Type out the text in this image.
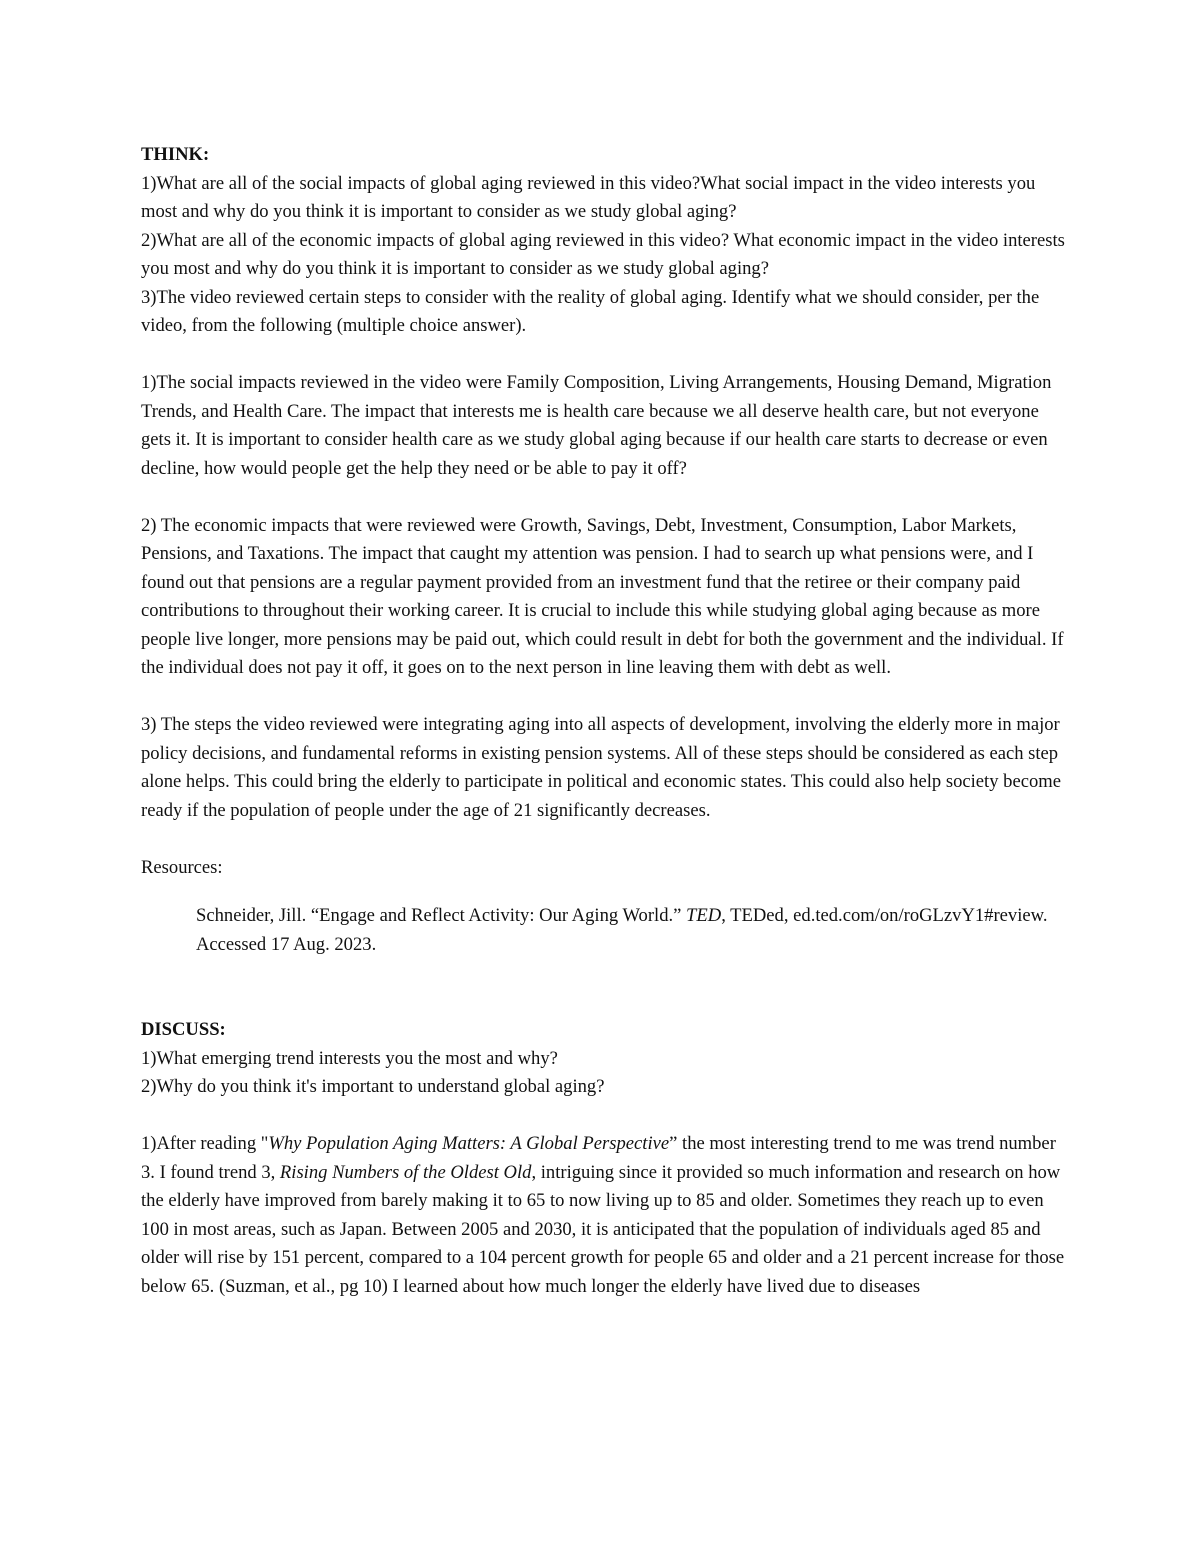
THINK:

1)What are all of the social impacts of global aging reviewed in this video?What social impact in the video interests you most and why do you think it is important to consider as we study global aging?

2)What are all of the economic impacts of global aging reviewed in this video? What economic impact in the video interests you most and why do you think it is important to consider as we study global aging?

3)The video reviewed certain steps to consider with the reality of global aging. Identify what we should consider, per the video, from the following (multiple choice answer).

1)The social impacts reviewed in the video were Family Composition, Living Arrangements, Housing Demand, Migration Trends, and Health Care. The impact that interests me is health care because we all deserve health care, but not everyone gets it. It is important to consider health care as we study global aging because if our health care starts to decrease or even decline, how would people get the help they need or be able to pay it off?

2) The economic impacts that were reviewed were Growth, Savings, Debt, Investment, Consumption, Labor Markets, Pensions, and Taxations. The impact that caught my attention was pension. I had to search up what pensions were, and I found out that pensions are a regular payment provided from an investment fund that the retiree or their company paid contributions to throughout their working career. It is crucial to include this while studying global aging because as more people live longer, more pensions may be paid out, which could result in debt for both the government and the individual. If the individual does not pay it off, it goes on to the next person in line leaving them with debt as well.

3) The steps the video reviewed were integrating aging into all aspects of development, involving the elderly more in major policy decisions, and fundamental reforms in existing pension systems. All of these steps should be considered as each step alone helps. This could bring the elderly to participate in political and economic states. This could also help society become ready if the population of people under the age of 21 significantly decreases.

Resources:

Schneider, Jill. “Engage and Reflect Activity: Our Aging World.” TED, TEDed, ed.ted.com/on/roGLzvY1#review. Accessed 17 Aug. 2023.

DISCUSS:

1)What emerging trend interests you the most and why?

2)Why do you think it's important to understand global aging?

1)After reading "Why Population Aging Matters: A Global Perspective” the most interesting trend to me was trend number 3. I found trend 3, Rising Numbers of the Oldest Old, intriguing since it provided so much information and research on how the elderly have improved from barely making it to 65 to now living up to 85 and older. Sometimes they reach up to even 100 in most areas, such as Japan. Between 2005 and 2030, it is anticipated that the population of individuals aged 85 and older will rise by 151 percent, compared to a 104 percent growth for people 65 and older and a 21 percent increase for those below 65. (Suzman, et al., pg 10) I learned about how much longer the elderly have lived due to diseases
